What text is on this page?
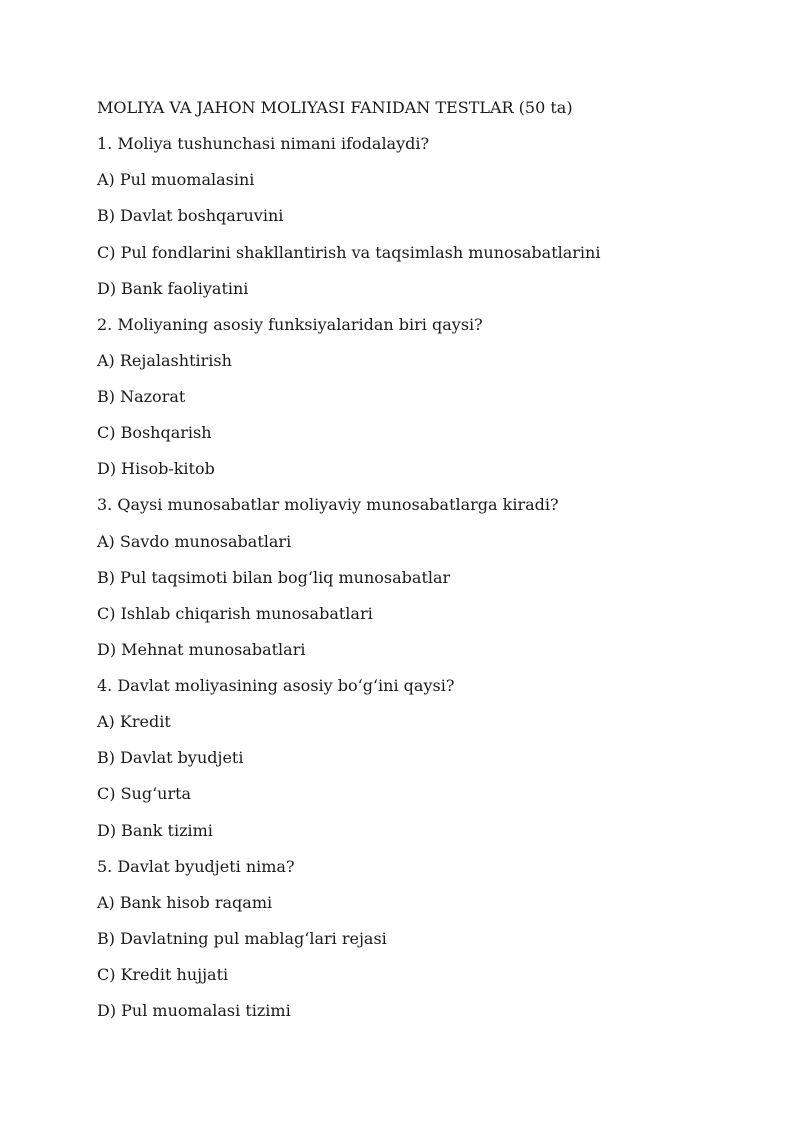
MOLIYA VA JAHON MOLIYASI FANIDAN TESTLAR (50 ta)
1. Moliya tushunchasi nimani ifodalaydi?
A) Pul muomalasini
B) Davlat boshqaruvini
C) Pul fondlarini shakllantirish va taqsimlash munosabatlarini
D) Bank faoliyatini
2. Moliyaning asosiy funksiyalaridan biri qaysi?
A) Rejalashtirish
B) Nazorat
C) Boshqarish
D) Hisob-kitob
3. Qaysi munosabatlar moliyaviy munosabatlarga kiradi?
A) Savdo munosabatlari
B) Pul taqsimoti bilan bog‘liq munosabatlar
C) Ishlab chiqarish munosabatlari
D) Mehnat munosabatlari
4. Davlat moliyasining asosiy bo‘g‘ini qaysi?
A) Kredit
B) Davlat byudjeti
C) Sug‘urta
D) Bank tizimi
5. Davlat byudjeti nima?
A) Bank hisob raqami
B) Davlatning pul mablag‘lari rejasi
C) Kredit hujjati
D) Pul muomalasi tizimi
